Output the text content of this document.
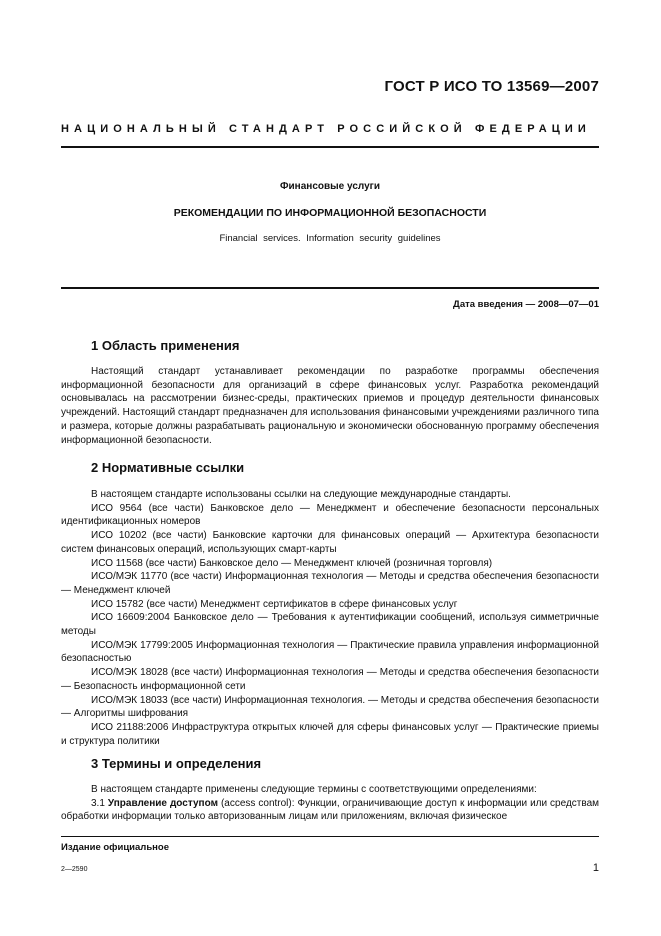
ГОСТ Р ИСО ТО 13569—2007
НАЦИОНАЛЬНЫЙ СТАНДАРТ РОССИЙСКОЙ ФЕДЕРАЦИИ
Финансовые услуги
РЕКОМЕНДАЦИИ ПО ИНФОРМАЦИОННОЙ БЕЗОПАСНОСТИ
Financial services. Information security guidelines
Дата введения — 2008—07—01
1 Область применения

Настоящий стандарт устанавливает рекомендации по разработке программы обеспечения информационной безопасности для организаций в сфере финансовых услуг. Разработка рекомендаций основывалась на рассмотрении бизнес-среды, практических приемов и процедур деятельности финансовых учреждений. Настоящий стандарт предназначен для использования финансовыми учреждениями различного типа и размера, которые должны разрабатывать рациональную и экономически обоснованную программу обеспечения информационной безопасности.

2 Нормативные ссылки

В настоящем стандарте использованы ссылки на следующие международные стандарты.

ИСО 9564 (все части) Банковское дело — Менеджмент и обеспечение безопасности персональных идентификационных номеров

ИСО 10202 (все части) Банковские карточки для финансовых операций — Архитектура безопасности систем финансовых операций, использующих смарт-карты

ИСО 11568 (все части) Банковское дело — Менеджмент ключей (розничная торговля)

ИСО/МЭК 11770 (все части) Информационная технология — Методы и средства обеспечения безопасности — Менеджмент ключей

ИСО 15782 (все части) Менеджмент сертификатов в сфере финансовых услуг

ИСО 16609:2004 Банковское дело — Требования к аутентификации сообщений, используя симметричные методы

ИСО/МЭК 17799:2005 Информационная технология — Практические правила управления информационной безопасностью

ИСО/МЭК 18028 (все части) Информационная технология — Методы и средства обеспечения безопасности — Безопасность информационной сети

ИСО/МЭК 18033 (все части) Информационная технология. — Методы и средства обеспечения безопасности — Алгоритмы шифрования

ИСО 21188:2006 Инфраструктура открытых ключей для сферы финансовых услуг — Практические приемы и структура политики

3 Термины и определения

В настоящем стандарте применены следующие термины с соответствующими определениями:

3.1 Управление доступом (access control): Функции, ограничивающие доступ к информации или средствам обработки информации только авторизованным лицам или приложениям, включая физическое

Издание официальное
2—2590	1
